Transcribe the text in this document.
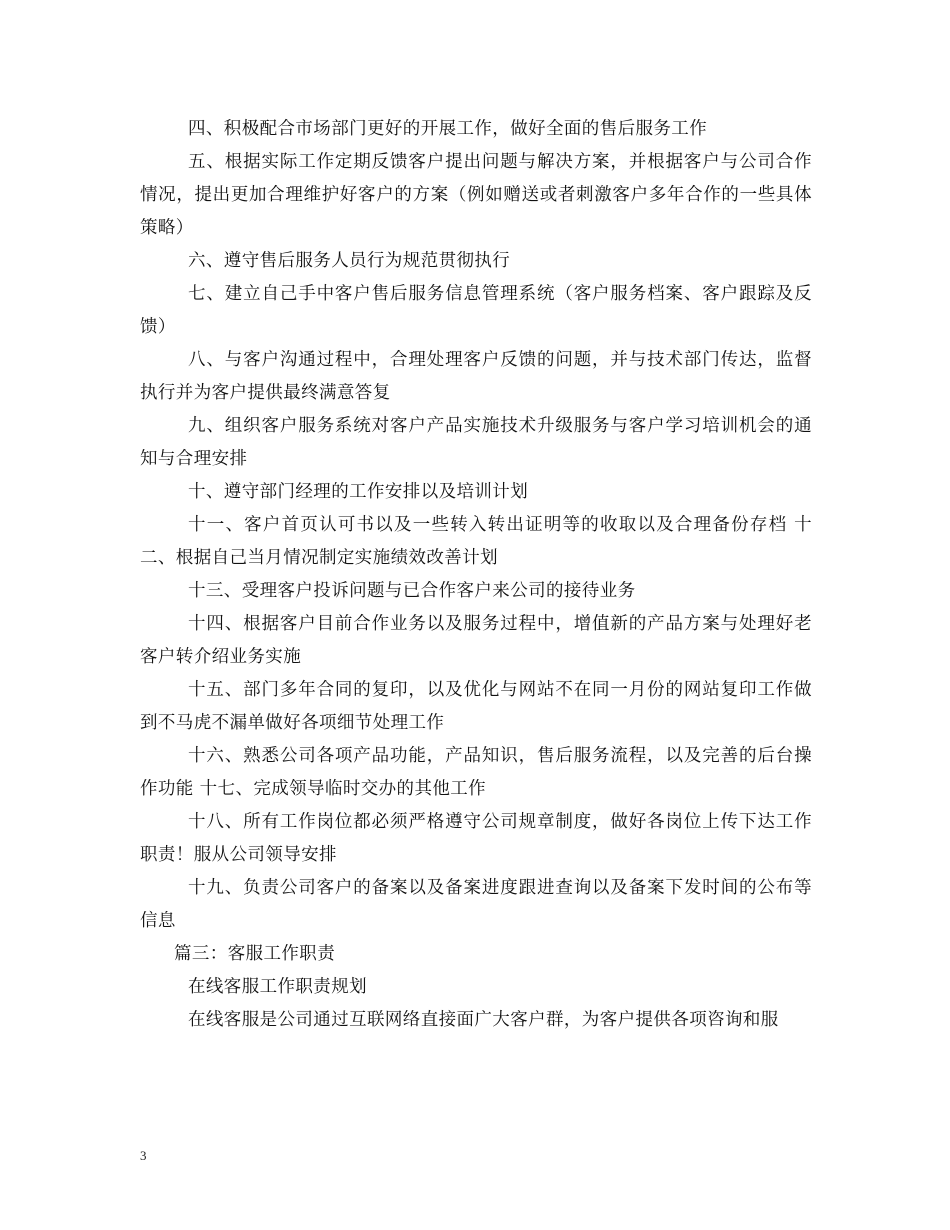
四、积极配合市场部门更好的开展工作，做好全面的售后服务工作

五、根据实际工作定期反馈客户提出问题与解决方案，并根据客户与公司合作情况，提出更加合理维护好客户的方案（例如赠送或者刺激客户多年合作的一些具体策略）

六、遵守售后服务人员行为规范贯彻执行

七、建立自己手中客户售后服务信息管理系统（客户服务档案、客户跟踪及反馈）

八、与客户沟通过程中，合理处理客户反馈的问题，并与技术部门传达，监督执行并为客户提供最终满意答复

九、组织客户服务系统对客户产品实施技术升级服务与客户学习培训机会的通知与合理安排

十、遵守部门经理的工作安排以及培训计划

十一、客户首页认可书以及一些转入转出证明等的收取以及合理备份存档 十二、根据自己当月情况制定实施绩效改善计划

十三、受理客户投诉问题与已合作客户来公司的接待业务

十四、根据客户目前合作业务以及服务过程中，增值新的产品方案与处理好老客户转介绍业务实施

十五、部门多年合同的复印，以及优化与网站不在同一月份的网站复印工作做到不马虎不漏单做好各项细节处理工作

十六、熟悉公司各项产品功能，产品知识，售后服务流程，以及完善的后台操作功能 十七、完成领导临时交办的其他工作

十八、所有工作岗位都必须严格遵守公司规章制度，做好各岗位上传下达工作职责！服从公司领导安排

十九、负责公司客户的备案以及备案进度跟进查询以及备案下发时间的公布等信息

篇三：客服工作职责

在线客服工作职责规划

在线客服是公司通过互联网络直接面广大客户群，为客户提供各项咨询和服

3
